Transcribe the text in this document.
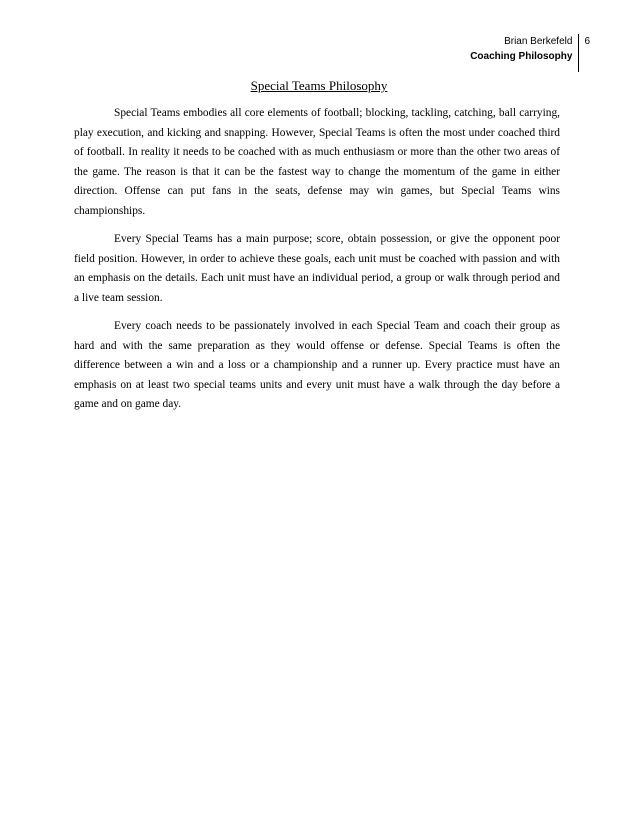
Brian Berkefeld
Coaching Philosophy
6
Special Teams Philosophy

Special Teams embodies all core elements of football; blocking, tackling, catching, ball carrying, play execution, and kicking and snapping. However, Special Teams is often the most under coached third of football. In reality it needs to be coached with as much enthusiasm or more than the other two areas of the game. The reason is that it can be the fastest way to change the momentum of the game in either direction. Offense can put fans in the seats, defense may win games, but Special Teams wins championships.

Every Special Teams has a main purpose; score, obtain possession, or give the opponent poor field position. However, in order to achieve these goals, each unit must be coached with passion and with an emphasis on the details. Each unit must have an individual period, a group or walk through period and a live team session.

Every coach needs to be passionately involved in each Special Team and coach their group as hard and with the same preparation as they would offense or defense. Special Teams is often the difference between a win and a loss or a championship and a runner up. Every practice must have an emphasis on at least two special teams units and every unit must have a walk through the day before a game and on game day.
